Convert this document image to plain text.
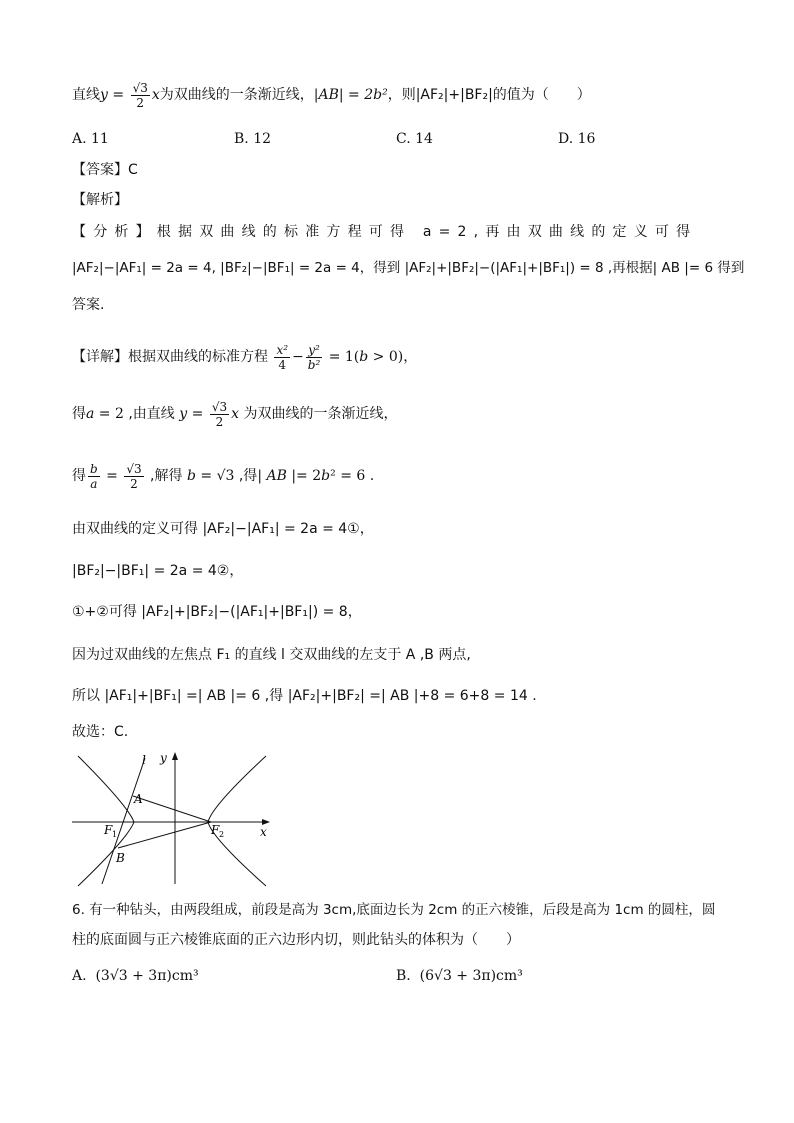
直线$y = \frac{√3}{2}$ x为双曲线的一条渐近线，|AB| = 2b²，则|AF₂|+|BF₂|的值为（　　）
A. 11	B. 12	C. 14	D. 16
【答案】C
【解析】
【分析】根据双曲线的标准方程可得 a=2,再由双曲线的定义可得
|AF₂|−|AF₁| = 2a = 4, |BF₂|−|BF₁| = 2a = 4，得到 |AF₂|+|BF₂|−(|AF₁|+|BF₁|) = 8 ,再根据| AB |= 6 得到
答案.
【详解】根据双曲线的标准方程 $\frac{\text{x²}}{4} - \frac{\text{y²}}{\text{b²}} = 1(b > 0)$，
得a = 2 ,由直线 $y = \frac{√3}{2}$ x 为双曲线的一条渐近线，
得 $\frac{b}{a} = \frac{√3}{2}$ ,解得 b = √3 ,得| AB |= 2b² = 6 .
由双曲线的定义可得 |AF₂|−|AF₁| = 2a = 4①，
|BF₂|−|BF₁| = 2a = 4②，
①+②可得 |AF₂|+|BF₂|−(|AF₁|+|BF₁|) = 8，
因为过双曲线的左焦点 F₁ 的直线 l 交双曲线的左支于 A ,B 两点,
所以 |AF₁|+|BF₁| =| AB |= 6 ,得 |AF₂|+|BF₂| =| AB |+8 = 6+8 = 14 .
故选：C.
l y
x
A
B
F 1	F 2
6. 有一种钻头，由两段组成，前段是高为 3cm,底面边长为 2cm 的正六棱锥，后段是高为 1cm 的圆柱，圆
柱的底面圆与正六棱锥底面的正六边形内切，则此钻头的体积为（　　）
A. (3√3 + 3π)cm³	B. (6√3 + 3π)cm³
